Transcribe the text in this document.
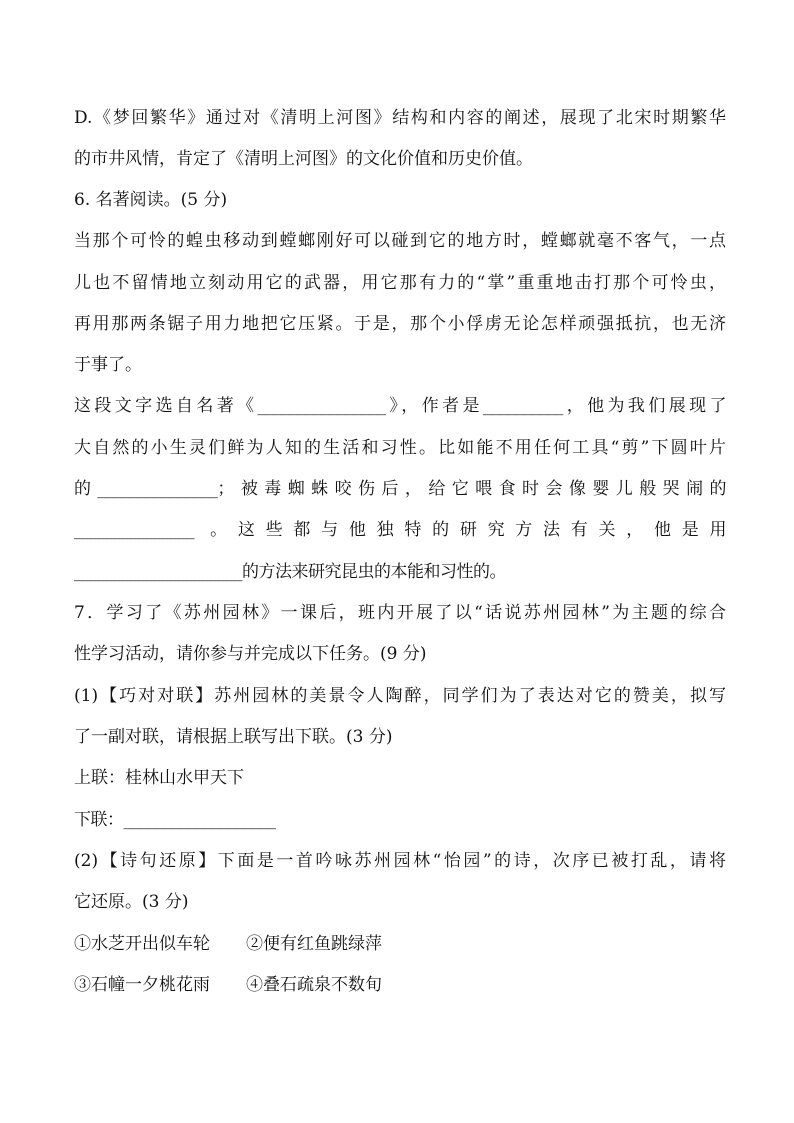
D.《梦回繁华》通过对《清明上河图》结构和内容的阐述，展现了北宋时期繁华
的市井风情，肯定了《清明上河图》的文化价值和历史价值。
6. 名著阅读。(5 分)
当那个可怜的蝗虫移动到螳螂刚好可以碰到它的地方时，螳螂就毫不客气，一点
儿也不留情地立刻动用它的武器，用它那有力的“掌”重重地击打那个可怜虫，
再用那两条锯子用力地把它压紧。于是，那个小俘虏无论怎样顽强抵抗，也无济
于事了。
这段文字选自名著《________________》，作者是__________，他为我们展现了
大自然的小生灵们鲜为人知的生活和习性。比如能不用任何工具“剪”下圆叶片
的_______________；被毒蜘蛛咬伤后，给它喂食时会像婴儿般哭闹的
_______________ 。这些都与他独特的研究方法有关，他是用
_____________________的方法来研究昆虫的本能和习性的。
7．学习了《苏州园林》一课后，班内开展了以“话说苏州园林”为主题的综合
性学习活动，请你参与并完成以下任务。(9 分)
(1)【巧对对联】苏州园林的美景令人陶醉，同学们为了表达对它的赞美，拟写
了一副对联，请根据上联写出下联。(3 分)
上联：桂林山水甲天下
下联：___________________
(2)【诗句还原】下面是一首吟咏苏州园林“怡园”的诗，次序已被打乱，请将
它还原。(3 分)
①水芝开出似车轮 ②便有红鱼跳绿萍
③石幢一夕桃花雨 ④叠石疏泉不数旬
